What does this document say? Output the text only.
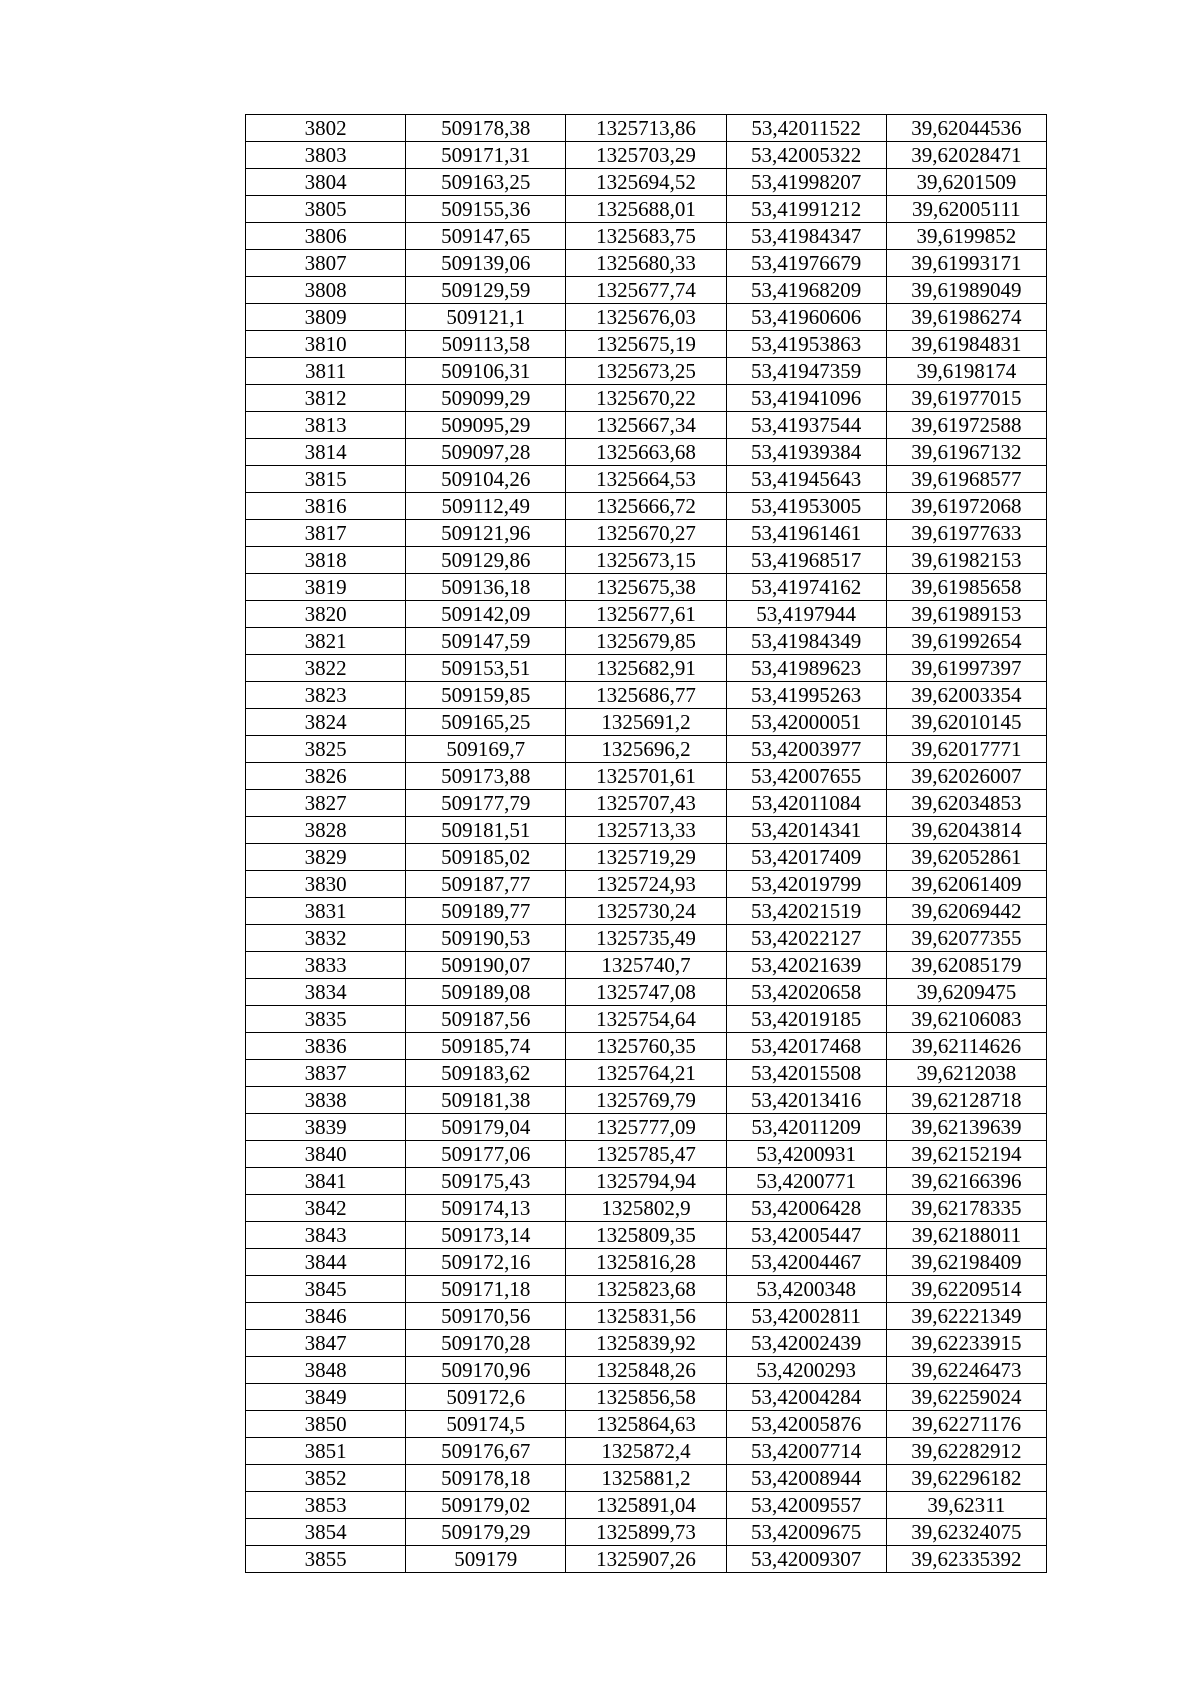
3802	509178,38	1325713,86	53,42011522	39,62044536
3803	509171,31	1325703,29	53,42005322	39,62028471
3804	509163,25	1325694,52	53,41998207	39,6201509
3805	509155,36	1325688,01	53,41991212	39,62005111
3806	509147,65	1325683,75	53,41984347	39,6199852
3807	509139,06	1325680,33	53,41976679	39,61993171
3808	509129,59	1325677,74	53,41968209	39,61989049
3809	509121,1	1325676,03	53,41960606	39,61986274
3810	509113,58	1325675,19	53,41953863	39,61984831
3811	509106,31	1325673,25	53,41947359	39,6198174
3812	509099,29	1325670,22	53,41941096	39,61977015
3813	509095,29	1325667,34	53,41937544	39,61972588
3814	509097,28	1325663,68	53,41939384	39,61967132
3815	509104,26	1325664,53	53,41945643	39,61968577
3816	509112,49	1325666,72	53,41953005	39,61972068
3817	509121,96	1325670,27	53,41961461	39,61977633
3818	509129,86	1325673,15	53,41968517	39,61982153
3819	509136,18	1325675,38	53,41974162	39,61985658
3820	509142,09	1325677,61	53,4197944	39,61989153
3821	509147,59	1325679,85	53,41984349	39,61992654
3822	509153,51	1325682,91	53,41989623	39,61997397
3823	509159,85	1325686,77	53,41995263	39,62003354
3824	509165,25	1325691,2	53,42000051	39,62010145
3825	509169,7	1325696,2	53,42003977	39,62017771
3826	509173,88	1325701,61	53,42007655	39,62026007
3827	509177,79	1325707,43	53,42011084	39,62034853
3828	509181,51	1325713,33	53,42014341	39,62043814
3829	509185,02	1325719,29	53,42017409	39,62052861
3830	509187,77	1325724,93	53,42019799	39,62061409
3831	509189,77	1325730,24	53,42021519	39,62069442
3832	509190,53	1325735,49	53,42022127	39,62077355
3833	509190,07	1325740,7	53,42021639	39,62085179
3834	509189,08	1325747,08	53,42020658	39,6209475
3835	509187,56	1325754,64	53,42019185	39,62106083
3836	509185,74	1325760,35	53,42017468	39,62114626
3837	509183,62	1325764,21	53,42015508	39,6212038
3838	509181,38	1325769,79	53,42013416	39,62128718
3839	509179,04	1325777,09	53,42011209	39,62139639
3840	509177,06	1325785,47	53,4200931	39,62152194
3841	509175,43	1325794,94	53,4200771	39,62166396
3842	509174,13	1325802,9	53,42006428	39,62178335
3843	509173,14	1325809,35	53,42005447	39,62188011
3844	509172,16	1325816,28	53,42004467	39,62198409
3845	509171,18	1325823,68	53,4200348	39,62209514
3846	509170,56	1325831,56	53,42002811	39,62221349
3847	509170,28	1325839,92	53,42002439	39,62233915
3848	509170,96	1325848,26	53,4200293	39,62246473
3849	509172,6	1325856,58	53,42004284	39,62259024
3850	509174,5	1325864,63	53,42005876	39,62271176
3851	509176,67	1325872,4	53,42007714	39,62282912
3852	509178,18	1325881,2	53,42008944	39,62296182
3853	509179,02	1325891,04	53,42009557	39,62311
3854	509179,29	1325899,73	53,42009675	39,62324075
3855	509179	1325907,26	53,42009307	39,62335392
